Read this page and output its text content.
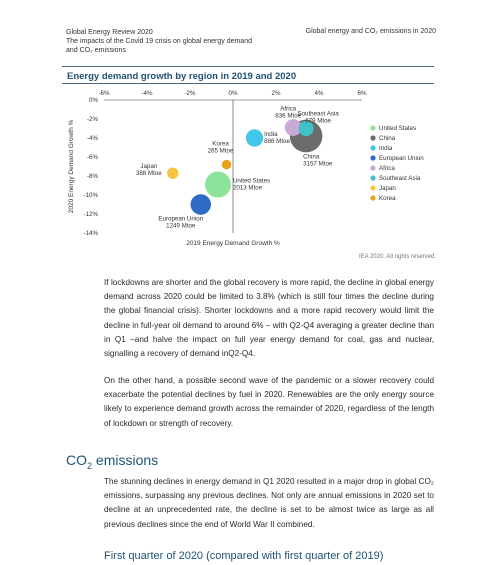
Global Energy Review 2020
The impacts of the Covid 19 crisis on global energy demand
and CO₂ emissions
Global energy and CO₂ emissions in 2020
Energy demand growth by region in 2019 and 2020
-6%	-4%	-2%	0%	2%	4%	6%
0%
-2%
-4%
-6%
-8%
-10%
-12%
-14%
2019 Energy Demand Growth %
2020 Energy Demand Growth %	United States
2013 Mtoe
China
3157 Mtoe
India
886 Mtoe
European Union
1249 Mtoe
Africa
836 Mtoe
Southeast Asia
679 Mtoe
Japan
388 Mtoe
Korea
265 Mtoe
United States
China
India
European Union
Africa
Southeast Asia
Japan
Korea
IEA 2020. All rights reserved.
If lockdowns are shorter and the global recovery is more rapid, the decline in global energy demand across 2020 could be limited to 3.8% (which is still four times the decline during the global financial crisis). Shorter lockdowns and a more rapid recovery would limit the decline in full-year oil demand to around 6% – with Q2-Q4 averaging a greater decline than in Q1 –and halve the impact on full year energy demand for coal, gas and nuclear, signalling a recovery of demand inQ2-Q4.
On the other hand, a possible second wave of the pandemic or a slower recovery could exacerbate the potential declines by fuel in 2020. Renewables are the only energy source likely to experience demand growth across the remainder of 2020, regardless of the length of lockdown or strength of recovery.
$CO_2$ emissions
The stunning declines in energy demand in Q1 2020 resulted in a major drop in global CO₂ emissions, surpassing any previous declines. Not only are annual emissions in 2020 set to decline at an unprecedented rate, the decline is set to be almost twice as large as all previous declines since the end of World War II combined.
First quarter of 2020 (compared with first quarter of 2019)
